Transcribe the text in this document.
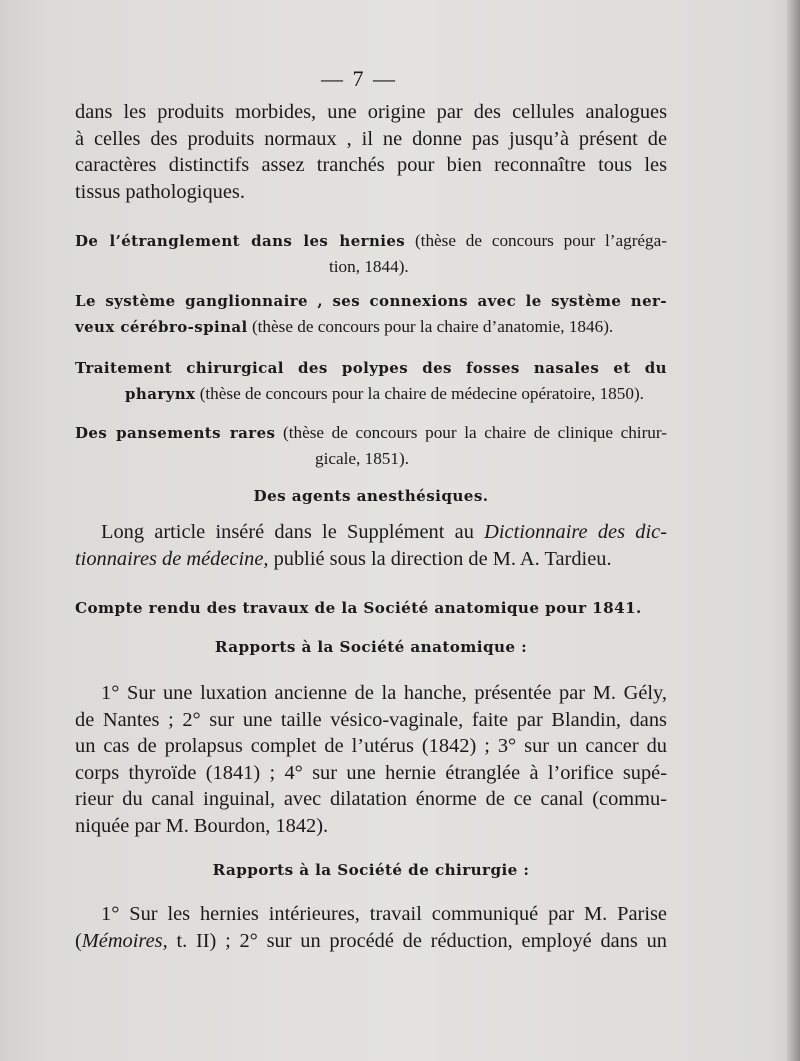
— 7 —

dans les produits morbides, une origine par des cellules analogues
à celles des produits normaux , il ne donne pas jusqu’à présent de
caractères distinctifs assez tranchés pour bien reconnaître tous les
tissus pathologiques.

De l’étranglement dans les hernies (thèse de concours pour l’agréga-
tion, 1844).

Le système ganglionnaire , ses connexions avec le système ner-
veux cérébro-spinal (thèse de concours pour la chaire d’anatomie, 1846).

Traitement chirurgical des polypes des fosses nasales et du
pharynx (thèse de concours pour la chaire de médecine opératoire, 1850).

Des pansements rares (thèse de concours pour la chaire de clinique chirur-
gicale, 1851).

Des agents anesthésiques.

Long article inséré dans le Supplément au Dictionnaire des dic-
tionnaires de médecine, publié sous la direction de M. A. Tardieu.

Compte rendu des travaux de la Société anatomique pour 1841.
Rapports à la Société anatomique :

1° Sur une luxation ancienne de la hanche, présentée par M. Gély,
de Nantes ; 2° sur une taille vésico-vaginale, faite par Blandin, dans
un cas de prolapsus complet de l’utérus (1842) ; 3° sur un cancer du
corps thyroïde (1841) ; 4° sur une hernie étranglée à l’orifice supé-
rieur du canal inguinal, avec dilatation énorme de ce canal (commu-
niquée par M. Bourdon, 1842).

Rapports à la Société de chirurgie :

1° Sur les hernies intérieures, travail communiqué par M. Parise
(Mémoires, t. II) ; 2° sur un procédé de réduction, employé dans un
